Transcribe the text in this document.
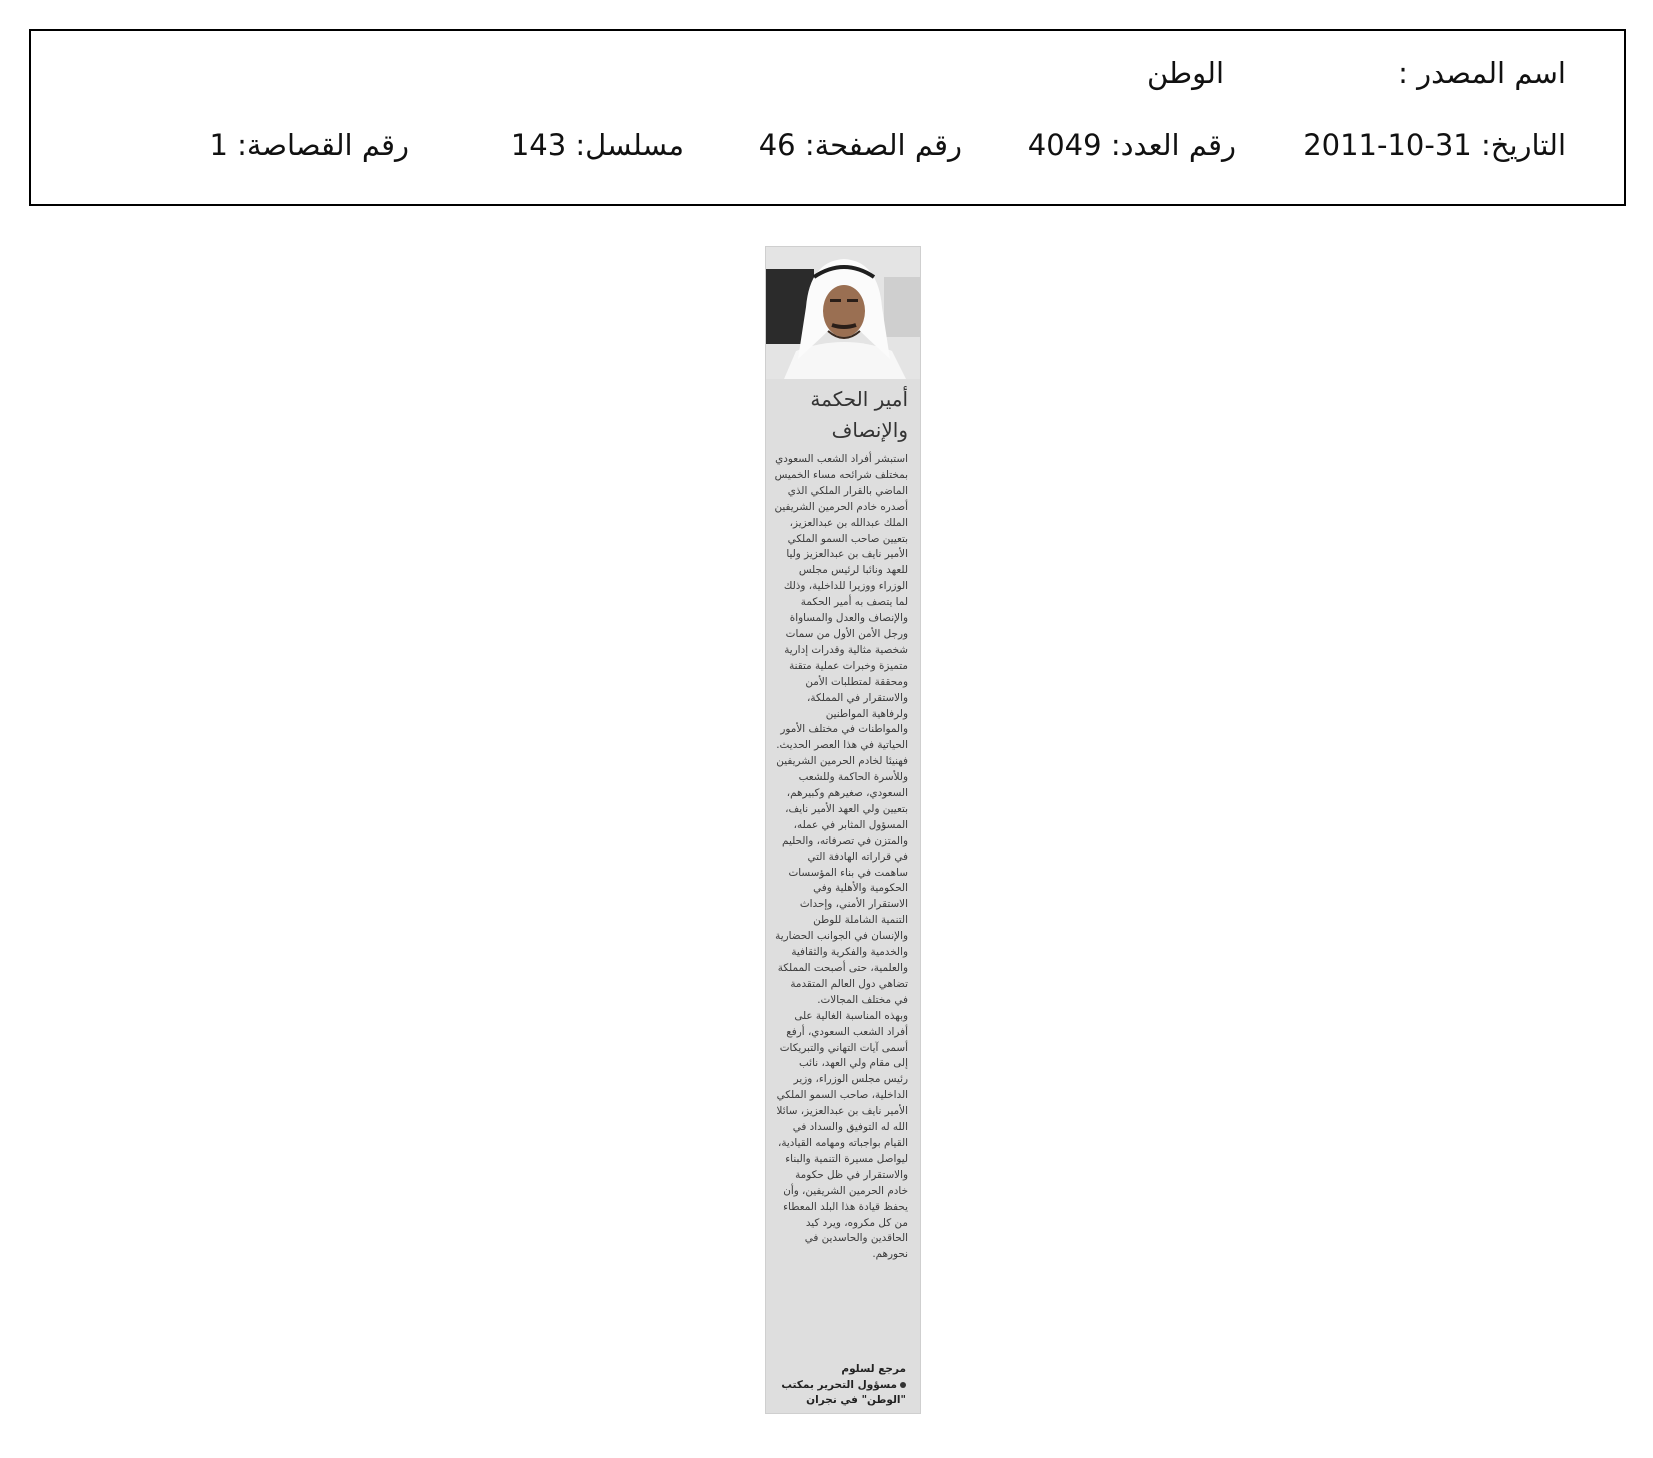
اسم المصدر :
الوطن
التاريخ: 2011-10-31
رقم العدد: 4049
رقم الصفحة: 46
مسلسل: 143
رقم القصاصة: 1
أمير الحكمة والإنصاف

استبشر أفراد الشعب السعودي بمختلف شرائحه مساء الخميس الماضي بالقرار الملكي الذي أصدره خادم الحرمين الشريفين الملك عبدالله بن عبدالعزيز، بتعيين صاحب السمو الملكي الأمير نايف بن عبدالعزيز وليا للعهد ونائبا لرئيس مجلس الوزراء ووزيرا للداخلية، وذلك لما يتصف به أمير الحكمة والإنصاف والعدل والمساواة ورجل الأمن الأول من سمات شخصية مثالية وقدرات إدارية متميزة وخبرات عملية متقنة ومحققة لمتطلبات الأمن والاستقرار في المملكة، ولرفاهية المواطنين والمواطنات في مختلف الأمور الحياتية في هذا العصر الحديث.

فهنيئا لخادم الحرمين الشريفين وللأسرة الحاكمة وللشعب السعودي، صغيرهم وكبيرهم، بتعيين ولي العهد الأمير نايف، المسؤول المثابر في عمله، والمتزن في تصرفاته، والحليم في قراراته الهادفة التي ساهمت في بناء المؤسسات الحكومية والأهلية وفي الاستقرار الأمني، وإحداث التنمية الشاملة للوطن والإنسان في الجوانب الحضارية والخدمية والفكرية والثقافية والعلمية، حتى أصبحت المملكة تضاهي دول العالم المتقدمة في مختلف المجالات.

وبهذه المناسبة الغالية على أفراد الشعب السعودي، أرفع أسمى آيات التهاني والتبريكات إلى مقام ولي العهد، نائب رئيس مجلس الوزراء، وزير الداخلية، صاحب السمو الملكي الأمير نايف بن عبدالعزيز، سائلا الله له التوفيق والسداد في القيام بواجباته ومهامه القيادية، ليواصل مسيرة التنمية والبناء والاستقرار في ظل حكومة خادم الحرمين الشريفين، وأن يحفظ قيادة هذا البلد المعطاء من كل مكروه، ويرد كيد الحاقدين والحاسدين في نحورهم.

مرجع لسلوم
مسؤول التحرير بمكتب "الوطن" في نجران
